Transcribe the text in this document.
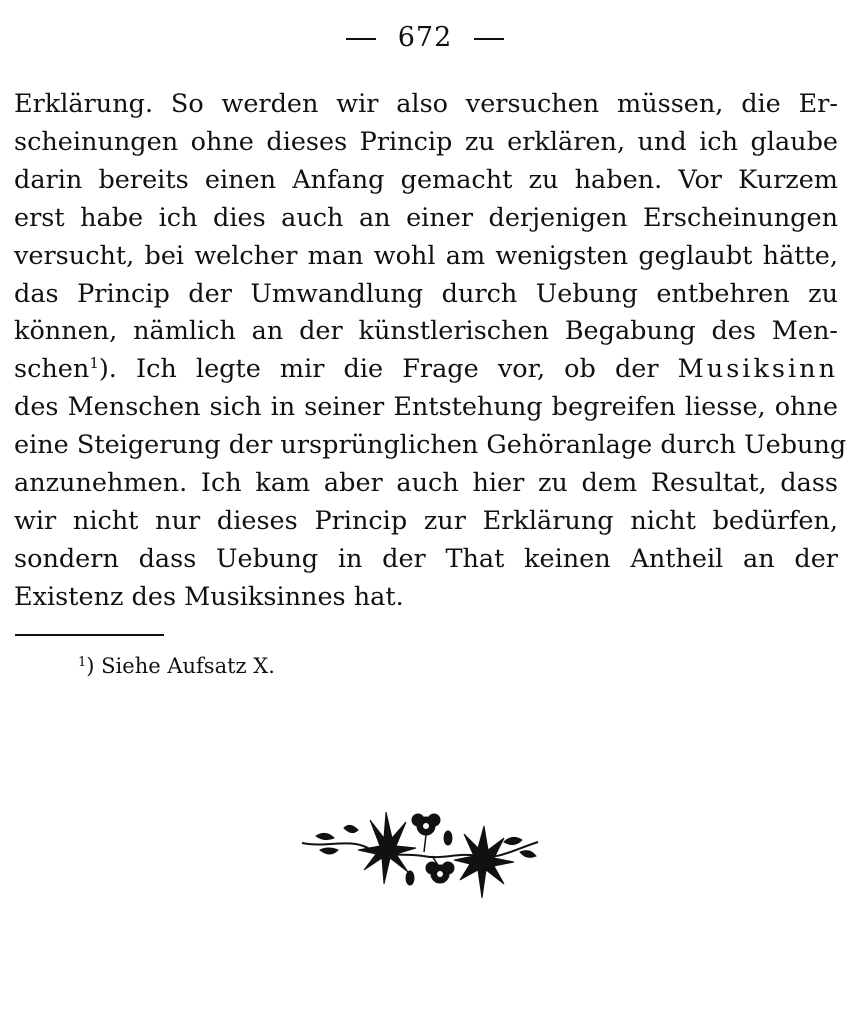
672
Erklärung. So werden wir also versuchen müssen, die Er-
scheinungen ohne dieses Princip zu erklären, und ich glaube
darin bereits einen Anfang gemacht zu haben. Vor Kurzem
erst habe ich dies auch an einer derjenigen Erscheinungen
versucht, bei welcher man wohl am wenigsten geglaubt hätte,
das Princip der Umwandlung durch Uebung entbehren zu
können, nämlich an der künstlerischen Begabung des Men-
schen$^1$). Ich legte mir die Frage vor, ob der Musiksinn
des Menschen sich in seiner Entstehung begreifen liesse, ohne
eine Steigerung der ursprünglichen Gehöranlage durch Uebung
anzunehmen. Ich kam aber auch hier zu dem Resultat, dass
wir nicht nur dieses Princip zur Erklärung nicht bedürfen,
sondern dass Uebung in der That keinen Antheil an der
Existenz des Musiksinnes hat.
$^1$) Siehe Aufsatz X.
